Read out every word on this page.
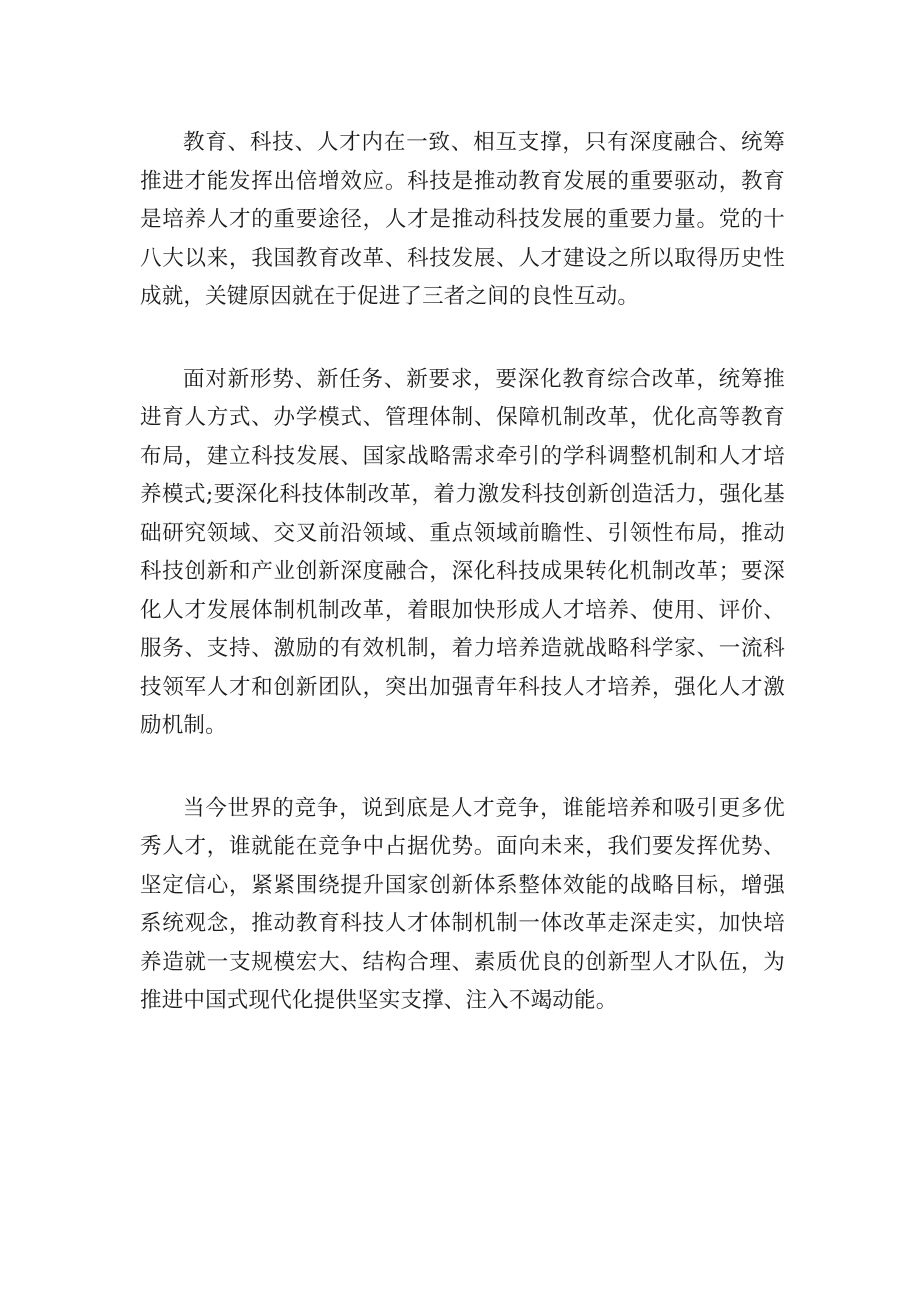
教育、科技、人才内在一致、相互支撑，只有深度融合、统筹推进才能发挥出倍增效应。科技是推动教育发展的重要驱动，教育是培养人才的重要途径，人才是推动科技发展的重要力量。党的十八大以来，我国教育改革、科技发展、人才建设之所以取得历史性成就，关键原因就在于促进了三者之间的良性互动。

面对新形势、新任务、新要求，要深化教育综合改革，统筹推进育人方式、办学模式、管理体制、保障机制改革，优化高等教育布局，建立科技发展、国家战略需求牵引的学科调整机制和人才培养模式;要深化科技体制改革，着力激发科技创新创造活力，强化基础研究领域、交叉前沿领域、重点领域前瞻性、引领性布局，推动科技创新和产业创新深度融合，深化科技成果转化机制改革；要深化人才发展体制机制改革，着眼加快形成人才培养、使用、评价、服务、支持、激励的有效机制，着力培养造就战略科学家、一流科技领军人才和创新团队，突出加强青年科技人才培养，强化人才激励机制。

当今世界的竞争，说到底是人才竞争，谁能培养和吸引更多优秀人才，谁就能在竞争中占据优势。面向未来，我们要发挥优势、坚定信心，紧紧围绕提升国家创新体系整体效能的战略目标，增强系统观念，推动教育科技人才体制机制一体改革走深走实，加快培养造就一支规模宏大、结构合理、素质优良的创新型人才队伍，为推进中国式现代化提供坚实支撑、注入不竭动能。
